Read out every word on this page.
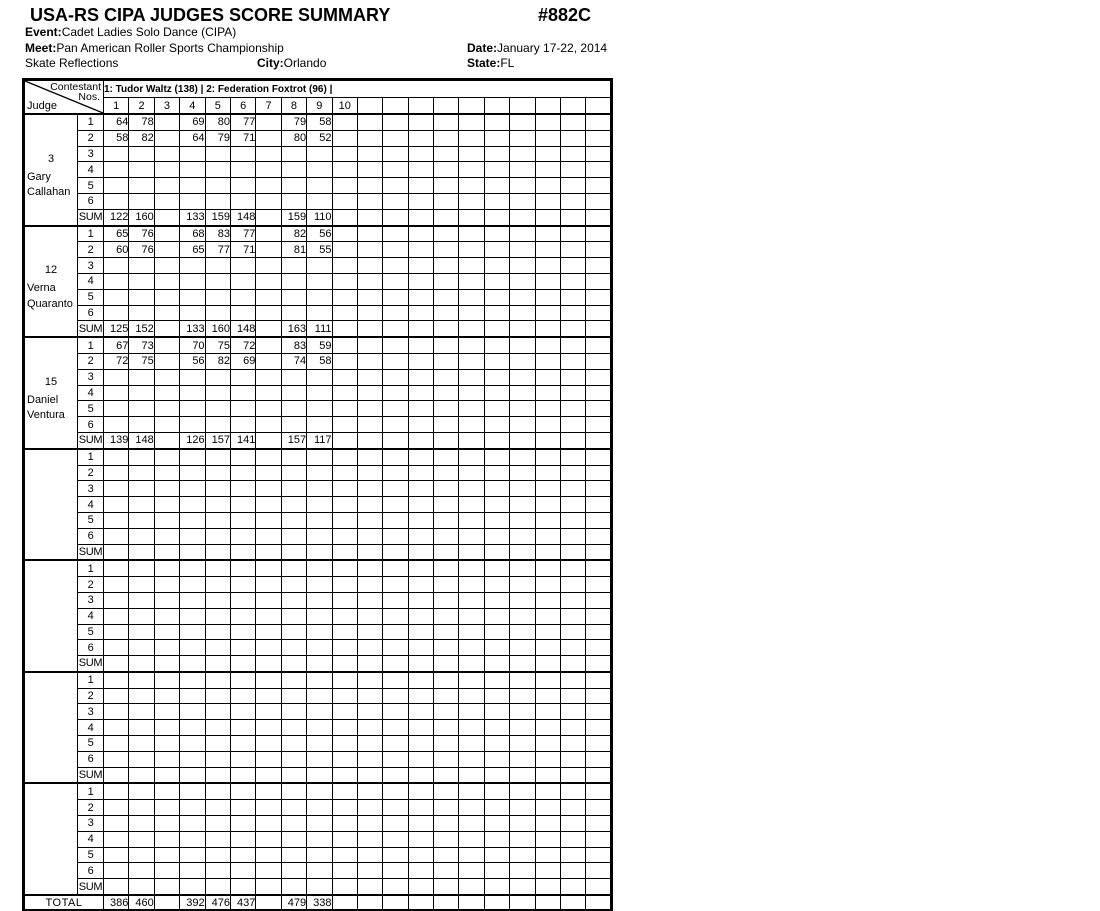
USA-RS CIPA JUDGES SCORE SUMMARY	#882C
Event:Cadet Ladies Solo Dance (CIPA)
Meet:Pan American Roller Sports Championship	Date:January 17-22, 2014
Skate Reflections	City:Orlando	State:FL
Contestant
Nos.
Judge		1: Tudor Waltz (138) | 2: Federation Foxtrot (96) |																			
		1	2	3	4	5	6	7	8	9	10										

3
Gary
Callahan	1	64	78		69	80	77		79	58											
	2	58	82		64	79	71		80	52											
	3																				
	4																				
	5																				
	6																				
	SUM	122	160		133	159	148		159	110											

12
Verna
Quaranto	1	65	76		68	83	77		82	56											
	2	60	76		65	77	71		81	55											
	3																				
	4																				
	5																				
	6																				
	SUM	125	152		133	160	148		163	111											

15
Daniel
Ventura	1	67	73		70	75	72		83	59											
	2	72	75		56	82	69		74	58											
	3																				
	4																				
	5																				
	6																				
	SUM	139	148		126	157	141		157	117											

	1																				
	2																				
	3																				
	4																				
	5																				
	6																				
	SUM																				

	1																				
	2																				
	3																				
	4																				
	5																				
	6																				
	SUM																				

	1																				
	2																				
	3																				
	4																				
	5																				
	6																				
	SUM																				

	1																				
	2																				
	3																				
	4																				
	5																				
	6																				
	SUM																				
TOTAL		386	460		392	476	437		479	338											
